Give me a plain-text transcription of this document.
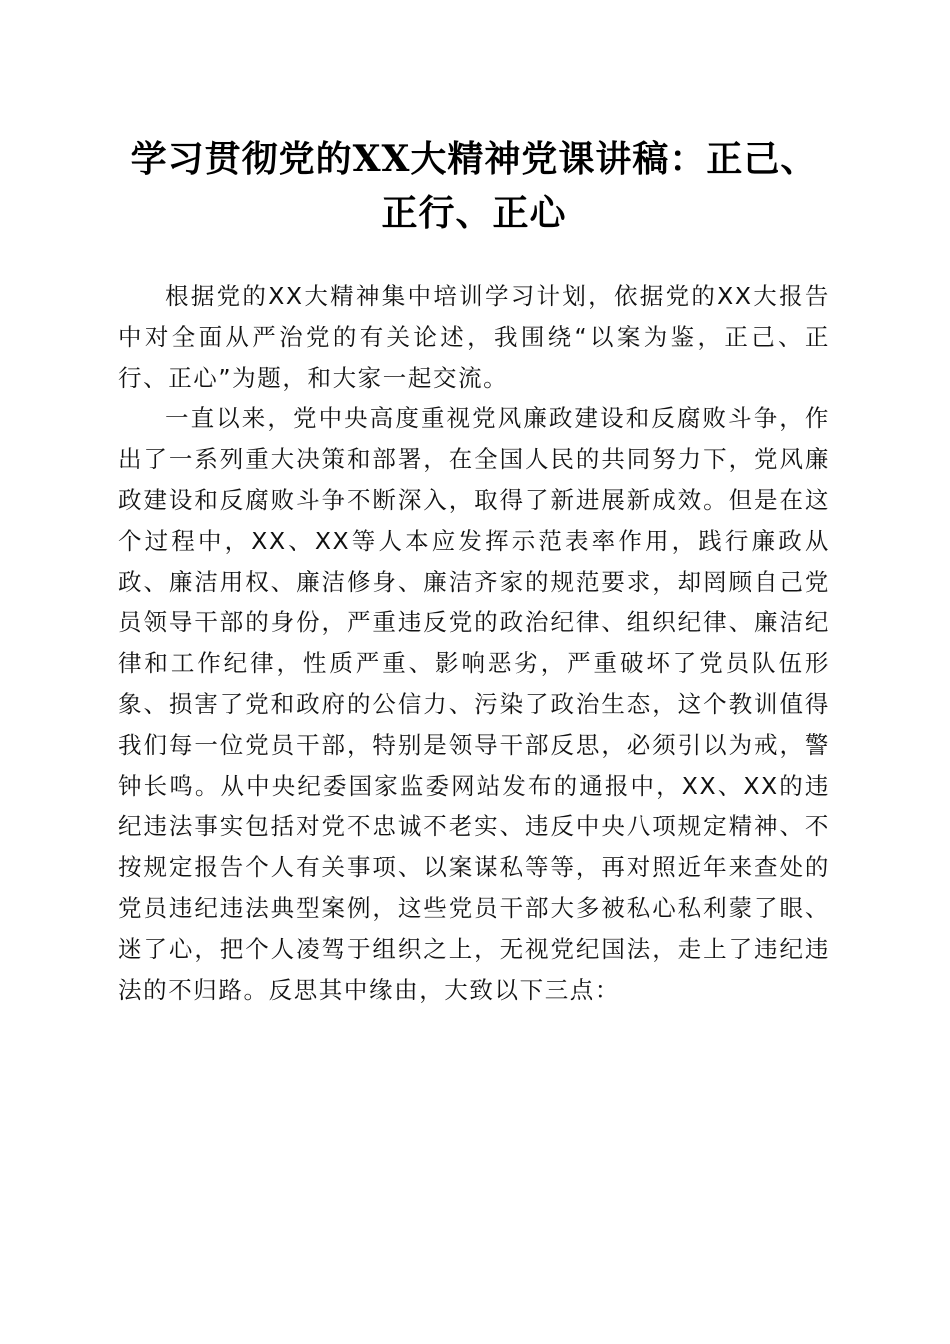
学习贯彻党的XX大精神党课讲稿：正己、正行、正心

根据党的XX大精神集中培训学习计划，依据党的XX大报告中对全面从严治党的有关论述，我围绕“以案为鉴，正己、正行、正心”为题，和大家一起交流。

一直以来，党中央高度重视党风廉政建设和反腐败斗争，作出了一系列重大决策和部署，在全国人民的共同努力下，党风廉政建设和反腐败斗争不断深入，取得了新进展新成效。但是在这个过程中，XX、XX等人本应发挥示范表率作用，践行廉政从政、廉洁用权、廉洁修身、廉洁齐家的规范要求，却罔顾自己党员领导干部的身份，严重违反党的政治纪律、组织纪律、廉洁纪律和工作纪律，性质严重、影响恶劣，严重破坏了党员队伍形象、损害了党和政府的公信力、污染了政治生态，这个教训值得我们每一位党员干部，特别是领导干部反思，必须引以为戒，警钟长鸣。从中央纪委国家监委网站发布的通报中，XX、XX的违纪违法事实包括对党不忠诚不老实、违反中央八项规定精神、不按规定报告个人有关事项、以案谋私等等，再对照近年来查处的党员违纪违法典型案例，这些党员干部大多被私心私利蒙了眼、迷了心，把个人凌驾于组织之上，无视党纪国法，走上了违纪违法的不归路。反思其中缘由，大致以下三点：
